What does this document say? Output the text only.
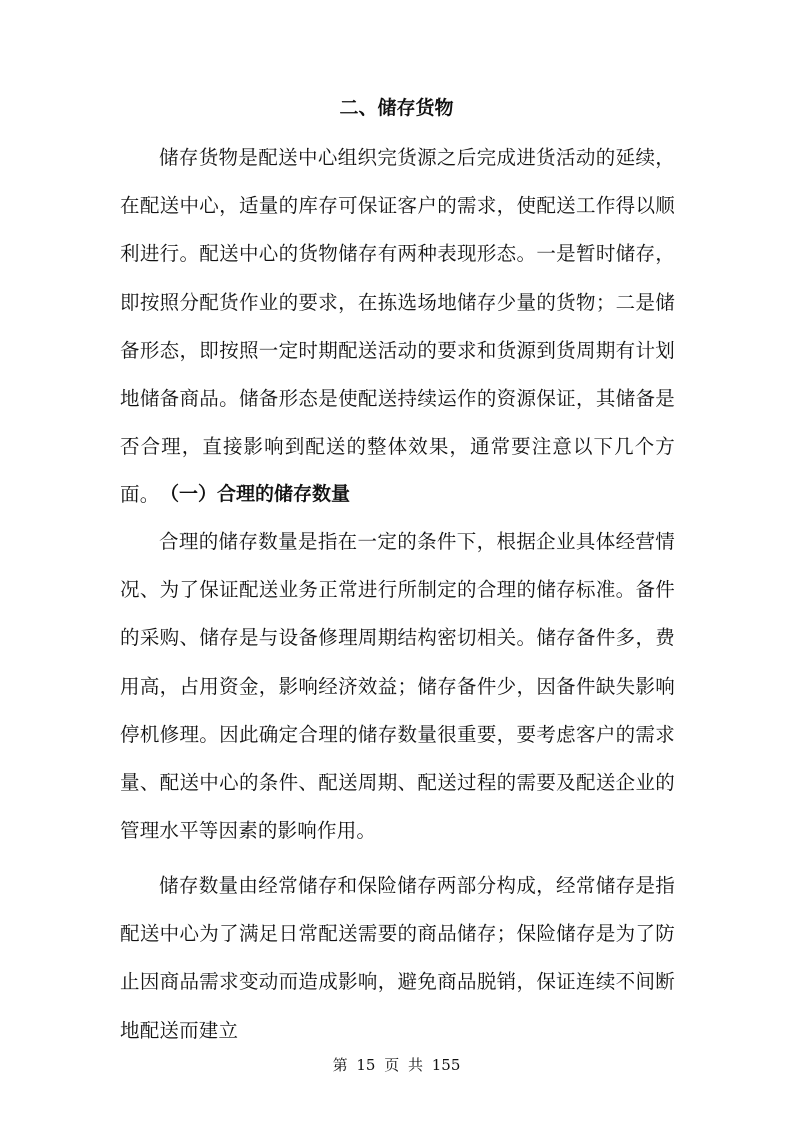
二、储存货物

储存货物是配送中心组织完货源之后完成进货活动的延续，在配送中心，适量的库存可保证客户的需求，使配送工作得以顺利进行。配送中心的货物储存有两种表现形态。一是暂时储存，即按照分配货作业的要求，在拣选场地储存少量的货物；二是储备形态，即按照一定时期配送活动的要求和货源到货周期有计划地储备商品。储备形态是使配送持续运作的资源保证，其储备是否合理，直接影响到配送的整体效果，通常要注意以下几个方面。 （一）合理的储存数量

合理的储存数量是指在一定的条件下，根据企业具体经营情况、为了保证配送业务正常进行所制定的合理的储存标准。备件的采购、储存是与设备修理周期结构密切相关。储存备件多，费用高，占用资金，影响经济效益；储存备件少，因备件缺失影响停机修理。因此确定合理的储存数量很重要，要考虑客户的需求量、配送中心的条件、配送周期、配送过程的需要及配送企业的管理水平等因素的影响作用。

储存数量由经常储存和保险储存两部分构成，经常储存是指配送中心为了满足日常配送需要的商品储存；保险储存是为了防止因商品需求变动而造成影响，避免商品脱销，保证连续不间断地配送而建立

第 15 页 共 155
